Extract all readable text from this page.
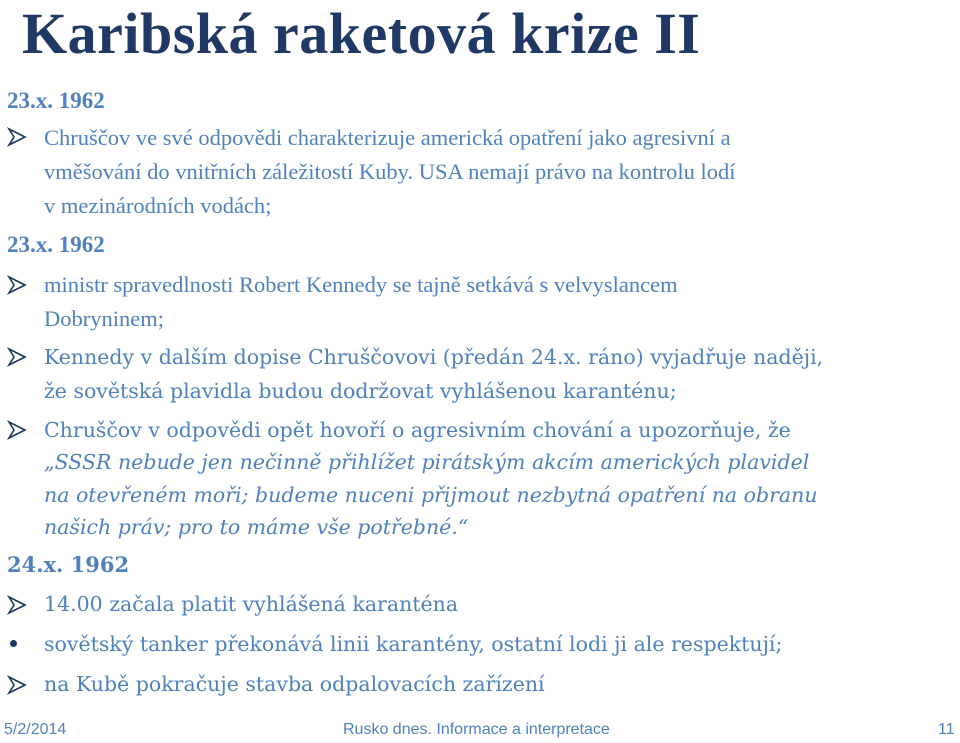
Karibská raketová krize II
23.x. 1962
Chruščov ve své odpovědi charakterizuje americká opatření jako agresivní a
vměšování do vnitřních záležitostí Kuby. USA nemají právo na kontrolu lodí
v mezinárodních vodách;
23.x. 1962
ministr spravedlnosti Robert Kennedy se tajně setkává s velvyslancem
Dobryninem;
Kennedy v dalším dopise Chruščovovi (předán 24.x. ráno) vyjadřuje naději,
že sovětská plavidla budou dodržovat vyhlášenou karanténu;
Chruščov v odpovědi opět hovoří o agresivním chování a upozorňuje, že
„SSSR nebude jen nečinně přihlížet pirátským akcím amerických plavidel
na otevřeném moři; budeme nuceni přijmout nezbytná opatření na obranu
našich práv; pro to máme vše potřebné.“
24.x. 1962
14.00 začala platit vyhlášená karanténa
sovětský tanker překonává linii karantény, ostatní lodi ji ale respektují;
na Kubě pokračuje stavba odpalovacích zařízení
5/2/2014	Rusko dnes. Informace a interpretace	11
